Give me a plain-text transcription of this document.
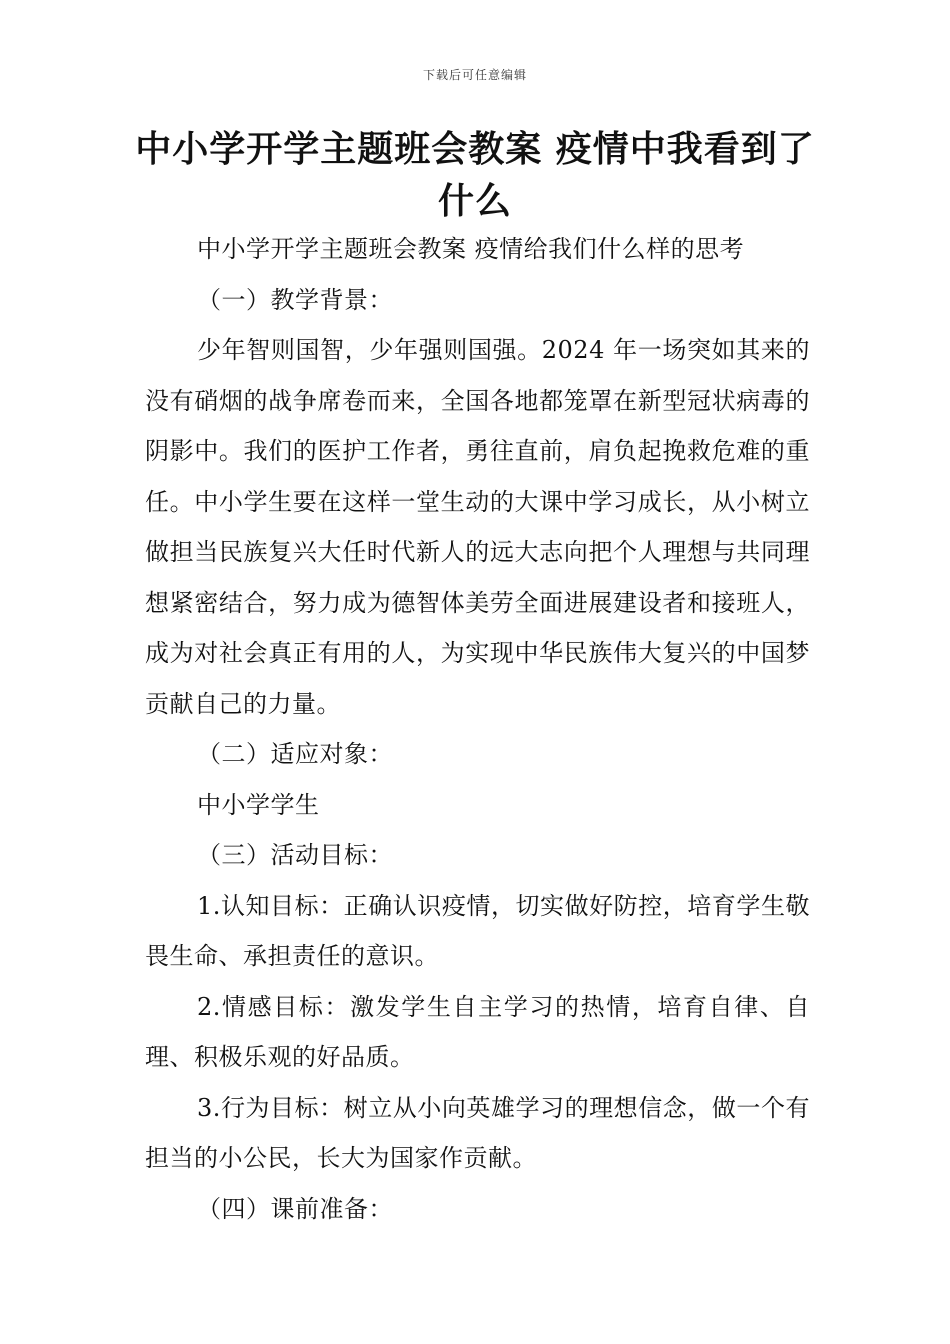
下载后可任意编辑
中小学开学主题班会教案 疫情中我看到了
什么

中小学开学主题班会教案 疫情给我们什么样的思考

（一）教学背景：

少年智则国智，少年强则国强。2024 年一场突如其来的没有硝烟的战争席卷而来，全国各地都笼罩在新型冠状病毒的阴影中。我们的医护工作者，勇往直前，肩负起挽救危难的重任。中小学生要在这样一堂生动的大课中学习成长，从小树立做担当民族复兴大任时代新人的远大志向把个人理想与共同理想紧密结合，努力成为德智体美劳全面进展建设者和接班人，成为对社会真正有用的人，为实现中华民族伟大复兴的中国梦贡献自己的力量。

（二）适应对象：

中小学学生

（三）活动目标：

1.认知目标：正确认识疫情，切实做好防控，培育学生敬畏生命、承担责任的意识。

2.情感目标：激发学生自主学习的热情，培育自律、自理、积极乐观的好品质。

3.行为目标：树立从小向英雄学习的理想信念，做一个有担当的小公民，长大为国家作贡献。

（四）课前准备：
